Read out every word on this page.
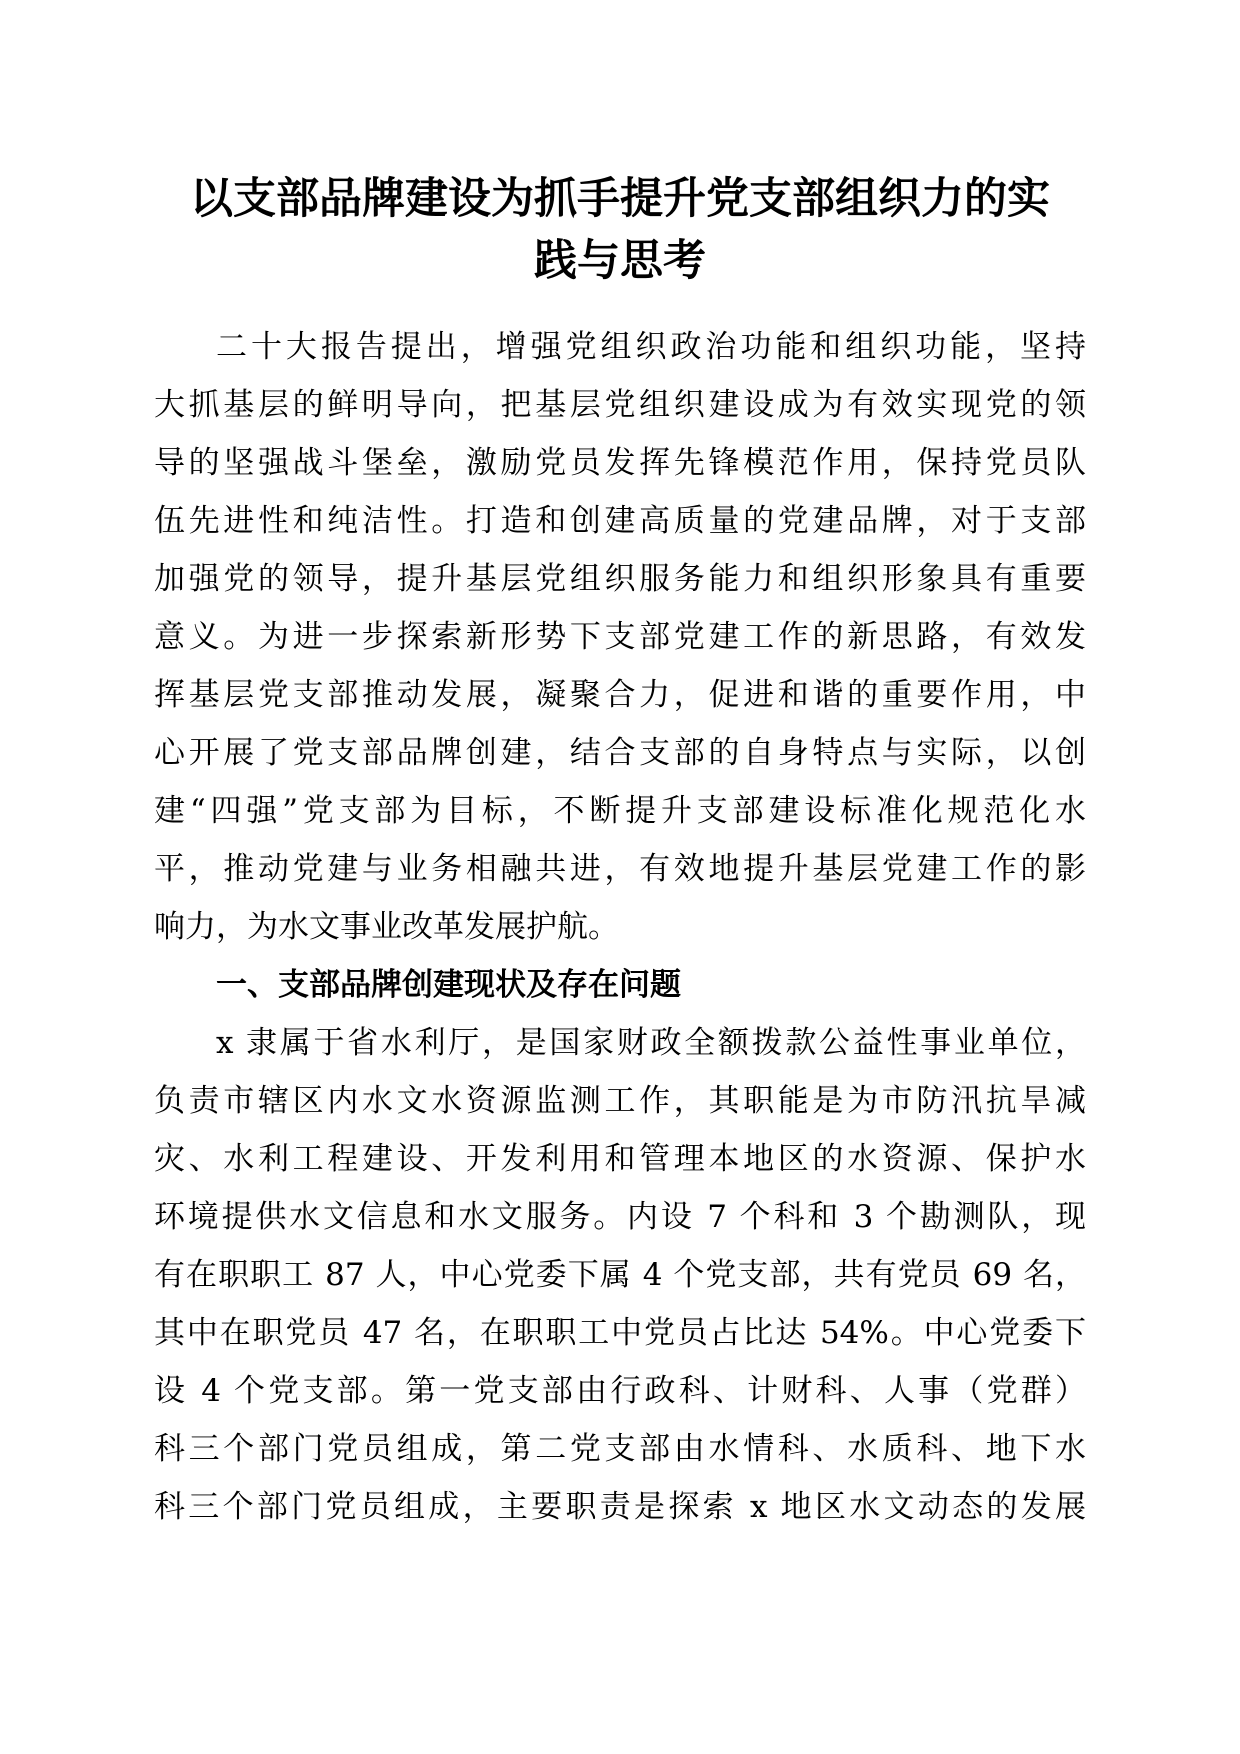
以支部品牌建设为抓手提升党支部组织力的实
践与思考
二十大报告提出，增强党组织政治功能和组织功能，坚持
大抓基层的鲜明导向，把基层党组织建设成为有效实现党的领
导的坚强战斗堡垒，激励党员发挥先锋模范作用，保持党员队
伍先进性和纯洁性。打造和创建高质量的党建品牌，对于支部
加强党的领导，提升基层党组织服务能力和组织形象具有重要
意义。为进一步探索新形势下支部党建工作的新思路，有效发
挥基层党支部推动发展，凝聚合力，促进和谐的重要作用，中
心开展了党支部品牌创建，结合支部的自身特点与实际，以创
建“四强”党支部为目标，不断提升支部建设标准化规范化水
平，推动党建与业务相融共进，有效地提升基层党建工作的影
响力，为水文事业改革发展护航。
一、支部品牌创建现状及存在问题
x 隶属于省水利厅，是国家财政全额拨款公益性事业单位，
负责市辖区内水文水资源监测工作，其职能是为市防汛抗旱减
灾、水利工程建设、开发利用和管理本地区的水资源、保护水
环境提供水文信息和水文服务。内设 7 个科和 3 个勘测队，现
有在职职工 87 人，中心党委下属 4 个党支部，共有党员 69 名，
其中在职党员 47 名，在职职工中党员占比达 54%。中心党委下
设 4 个党支部。第一党支部由行政科、计财科、人事（党群）
科三个部门党员组成，第二党支部由水情科、水质科、地下水
科三个部门党员组成，主要职责是探索 x 地区水文动态的发展
